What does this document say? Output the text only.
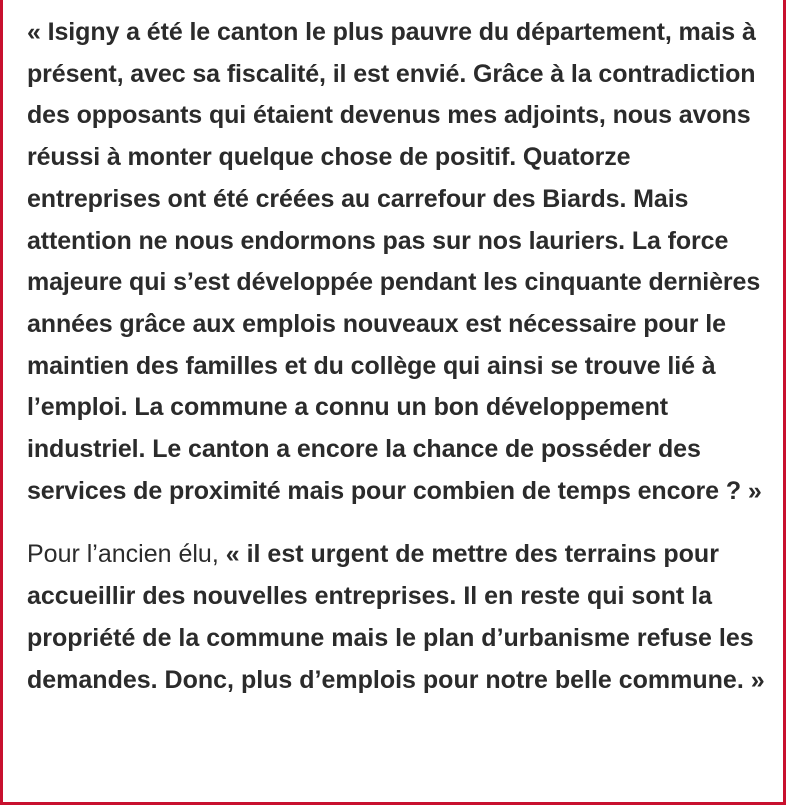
« Isigny a été le canton le plus pauvre du département, mais à présent, avec sa fiscalité, il est envié. Grâce à la contradiction des opposants qui étaient devenus mes adjoints, nous avons réussi à monter quelque chose de positif. Quatorze entreprises ont été créées au carrefour des Biards. Mais attention ne nous endormons pas sur nos lauriers. La force majeure qui s’est développée pendant les cinquante dernières années grâce aux emplois nouveaux est nécessaire pour le maintien des familles et du collège qui ainsi se trouve lié à l’emploi. La commune a connu un bon développement industriel. Le canton a encore la chance de posséder des services de proximité mais pour combien de temps encore ? »

Pour l’ancien élu, « il est urgent de mettre des terrains pour accueillir des nouvelles entreprises. Il en reste qui sont la propriété de la commune mais le plan d’urbanisme refuse les demandes. Donc, plus d’emplois pour notre belle commune. »
